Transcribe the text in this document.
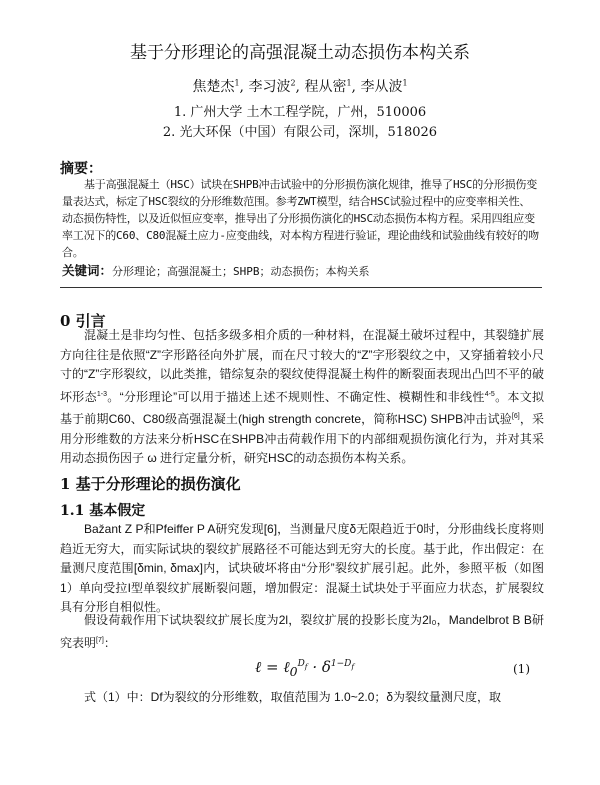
基于分形理论的高强混凝土动态损伤本构关系
焦楚杰$^1$, 李习波$^2$, 程从密$^1$, 李从波$^1$
1. 广州大学 土木工程学院，广州，510006
2. 光大环保（中国）有限公司，深圳，518026
摘要：
基于高强混凝土（HSC）试块在SHPB冲击试验中的分形损伤演化规律，推导了HSC的分形损伤变量表达式，标定了HSC裂纹的分形维数范围。参考ZWT模型，结合HSC试验过程中的应变率相关性、动态损伤特性，以及近似恒应变率，推导出了分形损伤演化的HSC动态损伤本构方程。采用四组应变率工况下的C60、C80混凝土应力-应变曲线，对本构方程进行验证，理论曲线和试验曲线有较好的吻合。
关键词：分形理论；高强混凝土；SHPB；动态损伤；本构关系
0 引言
混凝土是非均匀性、包括多级多相介质的一种材料，在混凝土破坏过程中，其裂缝扩展方向往往是依照“Z”字形路径向外扩展，而在尺寸较大的“Z”字形裂纹之中，又穿插着较小尺寸的“Z”字形裂纹，以此类推，错综复杂的裂纹使得混凝土构件的断裂面表现出凸凹不平的破坏形态$^{1-3}$。“分形理论”可以用于描述上述不规则性、不确定性、模糊性和非线性$^{4-5}$。本文拟基于前期C60、C80级高强混凝土(high strength concrete，简称HSC) SHPB冲击试验[6]，采用分形维数的方法来分析HSC在SHPB冲击荷载作用下的内部细观损伤演化行为，并对其采用动态损伤因子 ω 进行定量分析，研究HSC的动态损伤本构关系。
1 基于分形理论的损伤演化
1.1 基本假定
Bažant Z P和Pfeiffer P A研究发现[6]，当测量尺度δ无限趋近于0时，分形曲线长度将则趋近无穷大，而实际试块的裂纹扩展路径不可能达到无穷大的长度。基于此，作出假定：在量测尺度范围[δmin, δmax]内，试块破坏将由“分形”裂纹扩展引起。此外，参照平板（如图1）单向受拉I型单裂纹扩展断裂问题，增加假定：混凝土试块处于平面应力状态，扩展裂纹具有分形自相似性。
假设荷载作用下试块裂纹扩展长度为2l，裂纹扩展的投影长度为2l₀，Mandelbrot B B研究表明[7]：
ℓ = ℓ$_0^{D_f}$ · $\delta^{1-D_f}$	(1)
式（1）中：Df为裂纹的分形维数，取值范围为 1.0~2.0；δ为裂纹量测尺度，取
